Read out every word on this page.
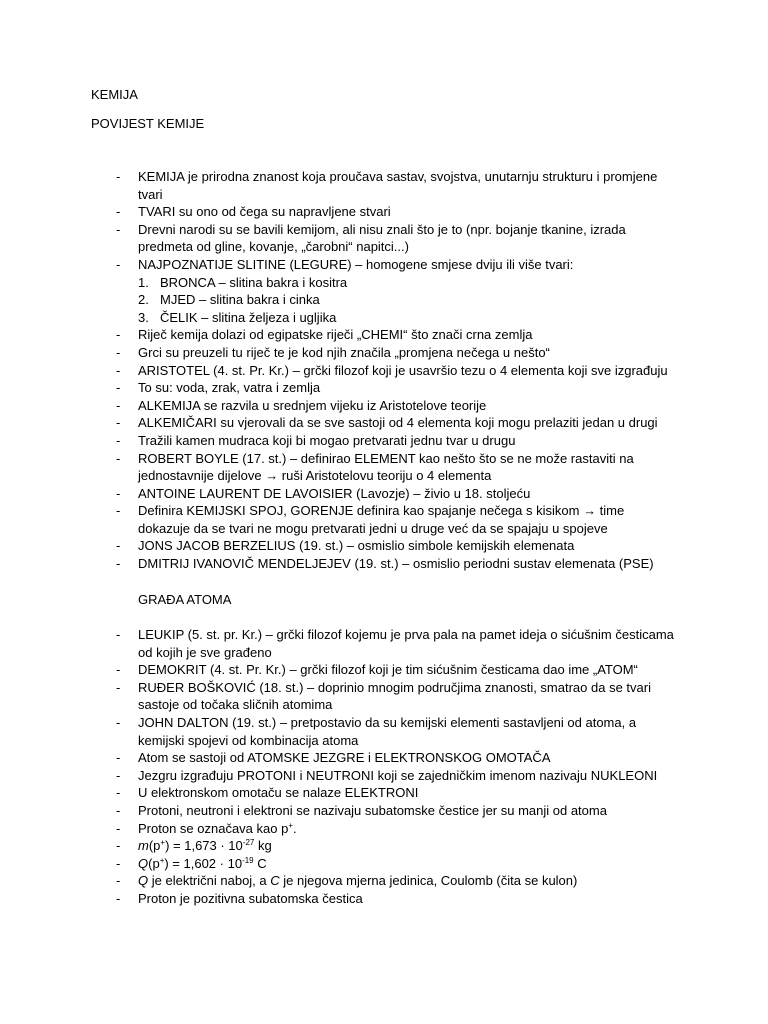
KEMIJA
POVIJEST KEMIJE
- KEMIJA je prirodna znanost koja proučava sastav, svojstva, unutarnju strukturu i promjene tvari
- TVARI su ono od čega su napravljene stvari
- Drevni narodi su se bavili kemijom, ali nisu znali što je to (npr. bojanje tkanine, izrada predmeta od gline, kovanje, „čarobni“ napitci...)
- NAJPOZNATIJE SLITINE (LEGURE) – homogene smjese dviju ili više tvari:
1. BRONCA – slitina bakra i kositra
2. MJED – slitina bakra i cinka
3. ČELIK – slitina željeza i ugljika
- Riječ kemija dolazi od egipatske riječi „CHEMI“ što znači crna zemlja
- Grci su preuzeli tu riječ te je kod njih značila „promjena nečega u nešto“
- ARISTOTEL (4. st. Pr. Kr.) – grčki filozof koji je usavršio tezu o 4 elementa koji sve izgrađuju
- To su: voda, zrak, vatra i zemlja
- ALKEMIJA se razvila u srednjem vijeku iz Aristotelove teorije
- ALKEMIČARI su vjerovali da se sve sastoji od 4 elementa koji mogu prelaziti jedan u drugi
- Tražili kamen mudraca koji bi mogao pretvarati jednu tvar u drugu
- ROBERT BOYLE (17. st.) – definirao ELEMENT kao nešto što se ne može rastaviti na jednostavnije dijelove → ruši Aristotelovu teoriju o 4 elementa
- ANTOINE LAURENT DE LAVOISIER (Lavozje) – živio u 18. stoljeću
- Definira KEMIJSKI SPOJ, GORENJE definira kao spajanje nečega s kisikom → time dokazuje da se tvari ne mogu pretvarati jedni u druge već da se spajaju u spojeve
- JONS JACOB BERZELIUS (19. st.) – osmislio simbole kemijskih elemenata
- DMITRIJ IVANOVIČ MENDELJEJEV (19. st.) – osmislio periodni sustav elemenata (PSE)
GRAĐA ATOMA
- LEUKIP (5. st. pr. Kr.) – grčki filozof kojemu je prva pala na pamet ideja o sićušnim česticama od kojih je sve građeno
- DEMOKRIT (4. st. Pr. Kr.) – grčki filozof koji je tim sićušnim česticama dao ime „ATOM“
- RUĐER BOŠKOVIĆ (18. st.) – doprinio mnogim područjima znanosti, smatrao da se tvari sastoje od točaka sličnih atomima
- JOHN DALTON (19. st.) – pretpostavio da su kemijski elementi sastavljeni od atoma, a kemijski spojevi od kombinacija atoma
- Atom se sastoji od ATOMSKE JEZGRE i ELEKTRONSKOG OMOTAČA
- Jezgru izgrađuju PROTONI i NEUTRONI koji se zajedničkim imenom nazivaju NUKLEONI
- U elektronskom omotaču se nalaze ELEKTRONI
- Protoni, neutroni i elektroni se nazivaju subatomske čestice jer su manji od atoma
- Proton se označava kao p+.
- $m(p^+) = 1,673 \cdot 10^{-27}$ kg
- $Q(p^+) = 1,602 \cdot 10^{-19}$ C
- Q je električni naboj, a C je njegova mjerna jedinica, Coulomb (čita se kulon)
- Proton je pozitivna subatomska čestica
